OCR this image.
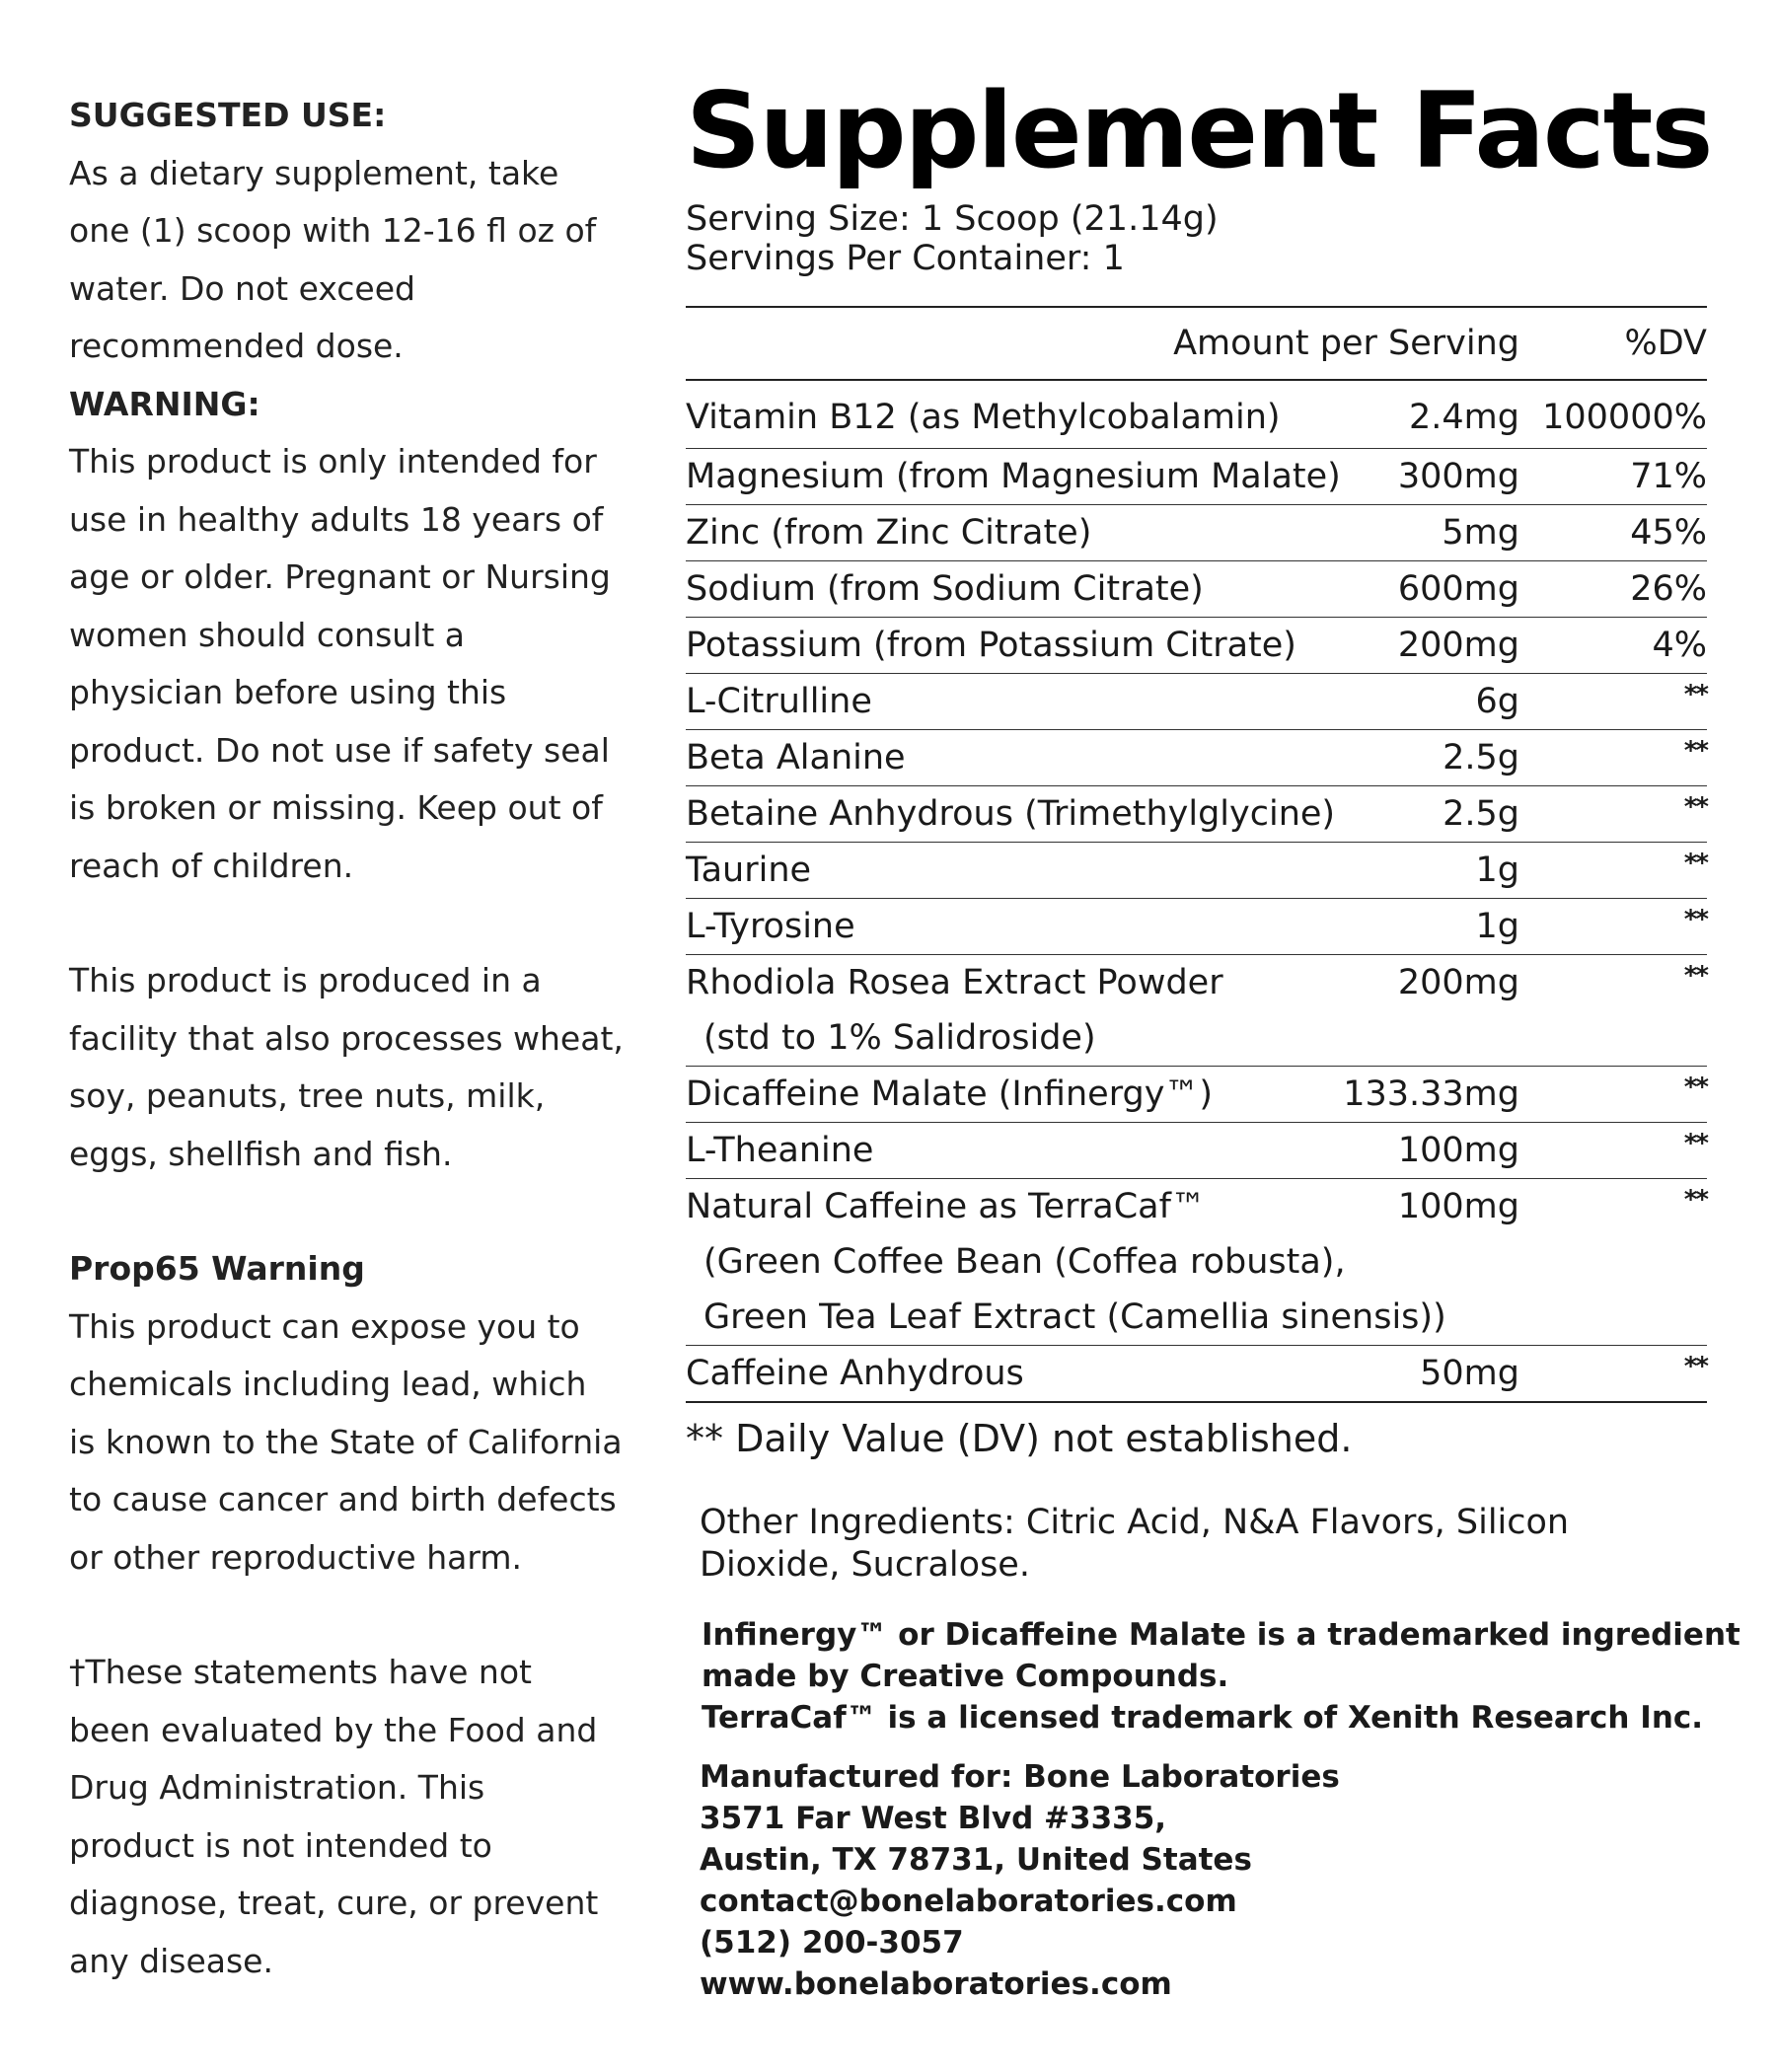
SUGGESTED USE:

As a dietary supplement, take
one (1) scoop with 12-16 fl oz of
water. Do not exceed
recommended dose.

WARNING:

This product is only intended for
use in healthy adults 18 years of
age or older. Pregnant or Nursing
women should consult a
physician before using this
product. Do not use if safety seal
is broken or missing. Keep out of
reach of children.
This product is produced in a
facility that also processes wheat,
soy, peanuts, tree nuts, milk,
eggs, shellfish and fish.

Prop65 Warning

This product can expose you to
chemicals including lead, which
is known to the State of California
to cause cancer and birth defects
or other reproductive harm.
†These statements have not
been evaluated by the Food and
Drug Administration. This
product is not intended to
diagnose, treat, cure, or prevent
any disease.
Supplement Facts
Serving Size: 1 Scoop (21.14g)
Servings Per Container: 1
Amount per Serving	%DV
Vitamin B12 (as Methylcobalamin)	2.4mg 100000%
Magnesium (from Magnesium Malate)	300mg	71%
Zinc (from Zinc Citrate)	5mg	45%
Sodium (from Sodium Citrate)	600mg	26%
Potassium (from Potassium Citrate)	200mg	4%
L-Citrulline	6g	**
Beta Alanine	2.5g	**
Betaine Anhydrous (Trimethylglycine)	2.5g	**
Taurine	1g	**
L-Tyrosine	1g	**
Rhodiola Rosea Extract Powder	200mg	**
(std to 1% Salidroside)
Dicaffeine Malate (Infinergy™)	133.33mg	**
L-Theanine	100mg	**
Natural Caffeine as TerraCaf™	100mg	**
(Green Coffee Bean (Coffea robusta),
Green Tea Leaf Extract (Camellia sinensis))
Caffeine Anhydrous	50mg	**
** Daily Value (DV) not established.
Other Ingredients: Citric Acid, N&A Flavors, Silicon Dioxide, Sucralose.
Infinergy™ or Dicaffeine Malate is a trademarked ingredient
made by Creative Compounds.
TerraCaf™ is a licensed trademark of Xenith Research Inc.
Manufactured for: Bone Laboratories
3571 Far West Blvd #3335,
Austin, TX 78731, United States
contact@bonelaboratories.com
(512) 200-3057
www.bonelaboratories.com
